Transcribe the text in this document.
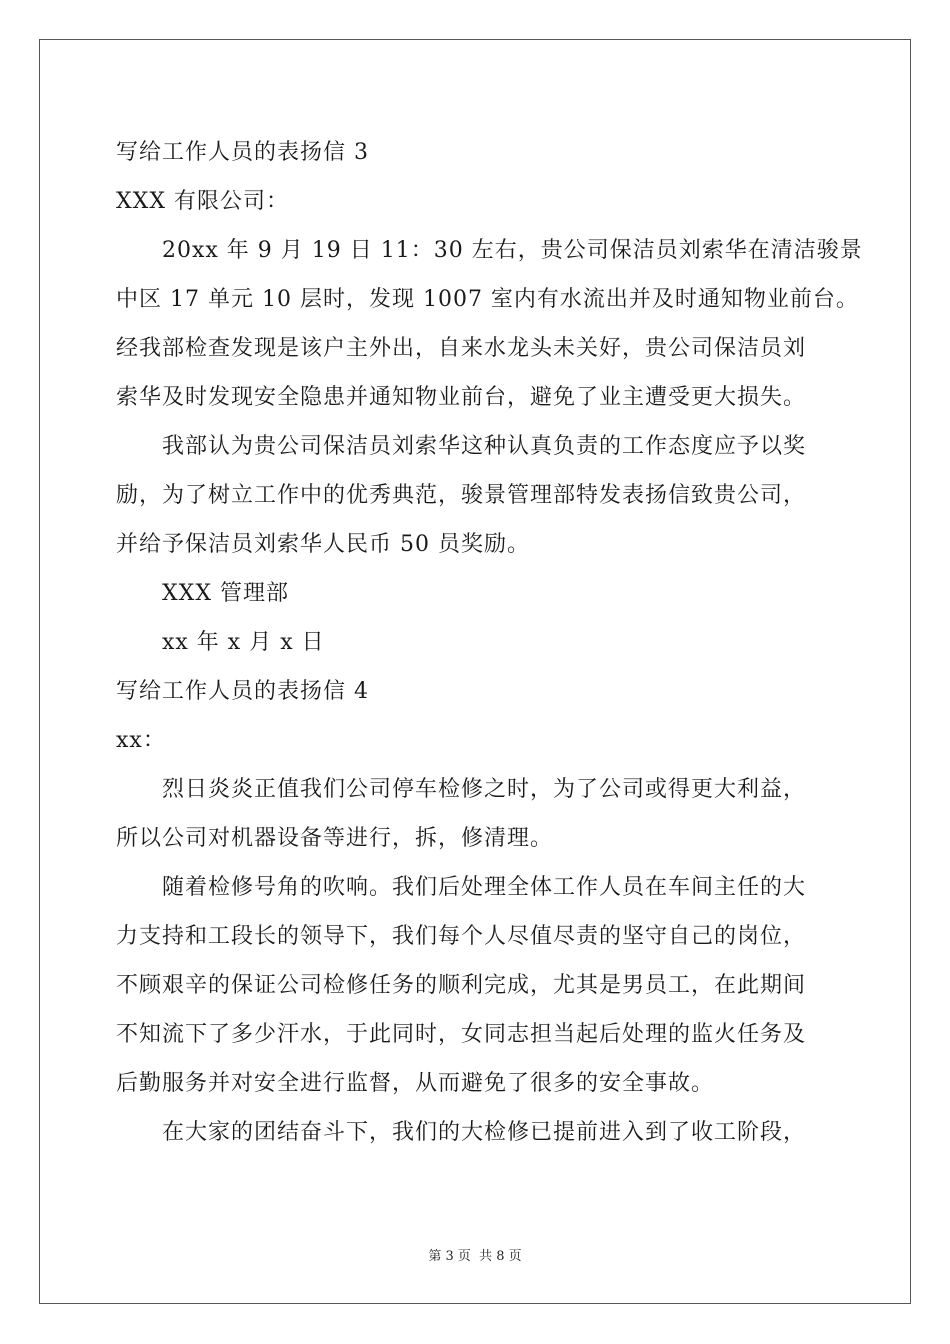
写给工作人员的表扬信 3
XXX 有限公司：
20xx 年 9 月 19 日 11：30 左右，贵公司保洁员刘索华在清洁骏景
中区 17 单元 10 层时，发现 1007 室内有水流出并及时通知物业前台。
经我部检查发现是该户主外出，自来水龙头未关好，贵公司保洁员刘
索华及时发现安全隐患并通知物业前台，避免了业主遭受更大损失。
我部认为贵公司保洁员刘索华这种认真负责的工作态度应予以奖
励，为了树立工作中的优秀典范，骏景管理部特发表扬信致贵公司，
并给予保洁员刘索华人民币 50 员奖励。
XXX 管理部
xx 年 x 月 x 日
写给工作人员的表扬信 4
xx：
烈日炎炎正值我们公司停车检修之时，为了公司或得更大利益，
所以公司对机器设备等进行，拆，修清理。
随着检修号角的吹响。我们后处理全体工作人员在车间主任的大
力支持和工段长的领导下，我们每个人尽值尽责的坚守自己的岗位，
不顾艰辛的保证公司检修任务的顺利完成，尤其是男员工，在此期间
不知流下了多少汗水，于此同时，女同志担当起后处理的监火任务及
后勤服务并对安全进行监督，从而避免了很多的安全事故。
在大家的团结奋斗下，我们的大检修已提前进入到了收工阶段，
第 3 页 共 8 页
